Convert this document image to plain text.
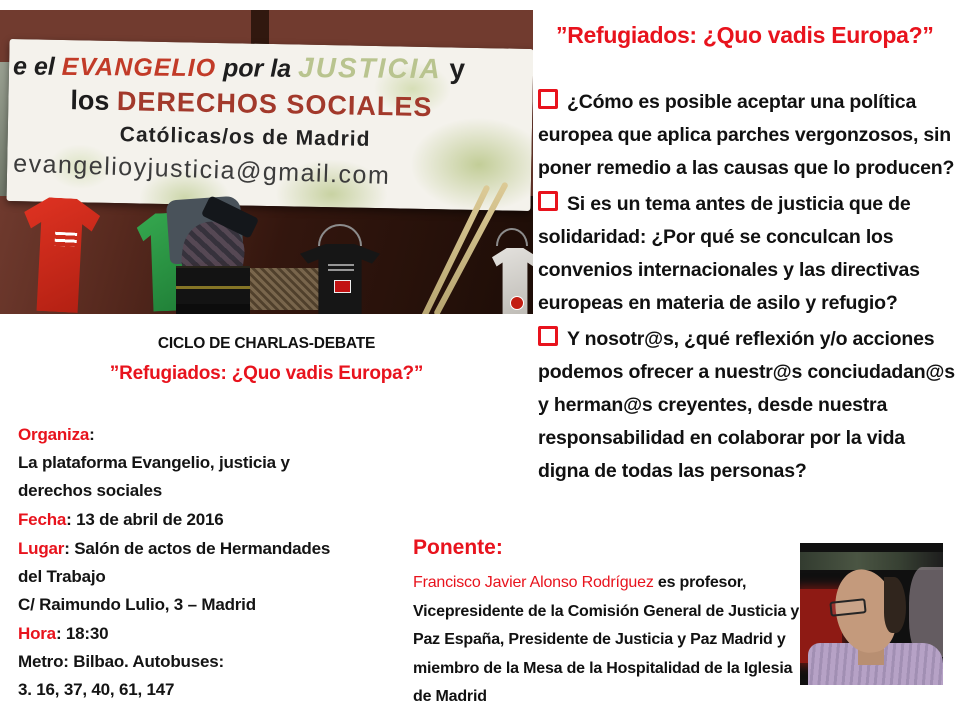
e el EVANGELIO por la JUSTICIA y
los DERECHOS SOCIALES
Católicas/os de Madrid
evangelioyjusticia@gmail.com
CICLO DE CHARLAS-DEBATE
”Refugiados: ¿Quo vadis Europa?”
Organiza:
La plataforma Evangelio, justicia y
derechos sociales
Fecha: 13 de abril de 2016
Lugar: Salón de actos de Hermandades
del Trabajo
C/ Raimundo Lulio, 3 – Madrid
Hora: 18:30
Metro: Bilbao. Autobuses:
3. 16, 37, 40, 61, 147
”Refugiados: ¿Quo vadis Europa?”

¿Cómo es posible aceptar una política europea que aplica parches vergonzosos, sin poner remedio a las causas que lo producen?

Si es un tema antes de justicia que de solidaridad: ¿Por qué se conculcan los convenios internacionales y las directivas europeas en materia de asilo y refugio?

Y nosotr@s, ¿qué reflexión y/o acciones podemos ofrecer a nuestr@s conciudadan@s y herman@s creyentes, desde nuestra responsabilidad en colaborar por la vida digna de todas las personas?

Ponente:

Francisco Javier Alonso Rodríguez es profesor, Vicepresidente de la Comisión General de Justicia y Paz España, Presidente de Justicia y Paz Madrid y miembro de la Mesa de la Hospitalidad de la Iglesia de Madrid
